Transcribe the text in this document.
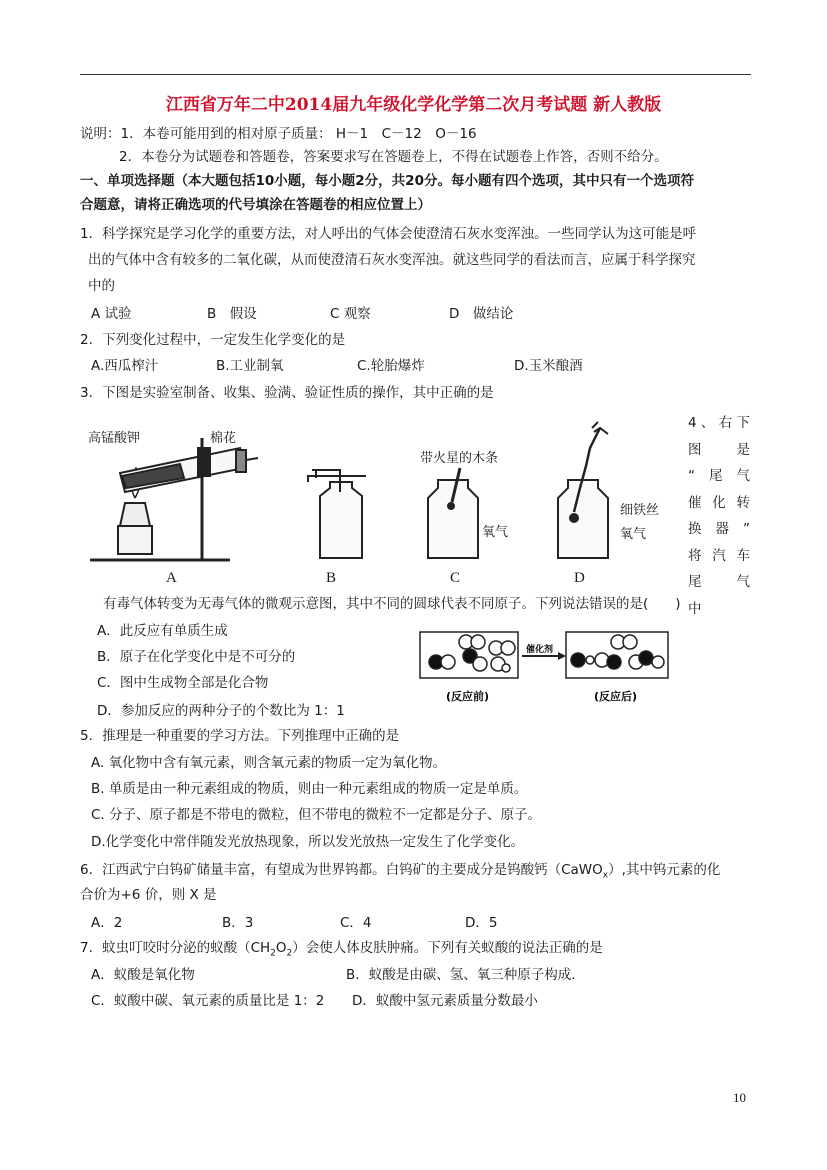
江西省万年二中2014届九年级化学化学第二次月考试题 新人教版
说明：1．本卷可能用到的相对原子质量： H－1　C－12　O－16
2．本卷分为试题卷和答题卷，答案要求写在答题卷上，不得在试题卷上作答，否则不给分。
一、单项选择题（本大题包括10小题，每小题2分，共20分。每小题有四个选项，其中只有一个选项符
合题意，请将正确选项的代号填涂在答题卷的相应位置上）
1．科学探究是学习化学的重要方法，对人呼出的气体会使澄清石灰水变浑浊。一些同学认为这可能是呼
出的气体中含有较多的二氧化碳，从而使澄清石灰水变浑浊。就这些同学的看法而言，应属于科学探究
中的
A 试验	B　假设	C 观察	D　做结论
2．下列变化过程中，一定发生化学变化的是
A.西瓜榨汁	B.工业制氧	C.轮胎爆炸	D.玉米酿酒
3．下图是实验室制备、收集、验满、验证性质的操作，其中正确的是
高锰酸钾	棉花
A	B
带火星的木条
氧气
C
细铁丝
氧气
D
4、右下
图　　是
“　尾　气
催化转
换　器　”
将汽车
尾　气　中
有毒气体转变为无毒气体的微观示意图，其中不同的圆球代表不同原子。下列说法错误的是(　　)
A．此反应有单质生成
B．原子在化学变化中是不可分的
C．图中生成物全部是化合物
D．参加反应的两种分子的个数比为 1：1
催化剂
(反应前)	(反应后)
5．推理是一种重要的学习方法。下列推理中正确的是
A. 氧化物中含有氧元素，则含氧元素的物质一定为氧化物。
B. 单质是由一种元素组成的物质，则由一种元素组成的物质一定是单质。
C. 分子、原子都是不带电的微粒，但不带电的微粒不一定都是分子、原子。
D.化学变化中常伴随发光放热现象，所以发光放热一定发生了化学变化。
6．江西武宁白钨矿储量丰富，有望成为世界钨都。白钨矿的主要成分是钨酸钙（CaWO$_x$）,其中钨元素的化
合价为+6 价，则 X 是
A．2	B．3	C．4	D．5
7．蚊虫叮咬时分泌的蚁酸$(CH_2O_2)$会使人体皮肤肿痛。下列有关蚁酸的说法正确的是
A．蚁酸是氧化物	B．蚁酸是由碳、氢、氧三种原子构成.
C．蚁酸中碳、氧元素的质量比是 1：2 D．蚁酸中氢元素质量分数最小
10
